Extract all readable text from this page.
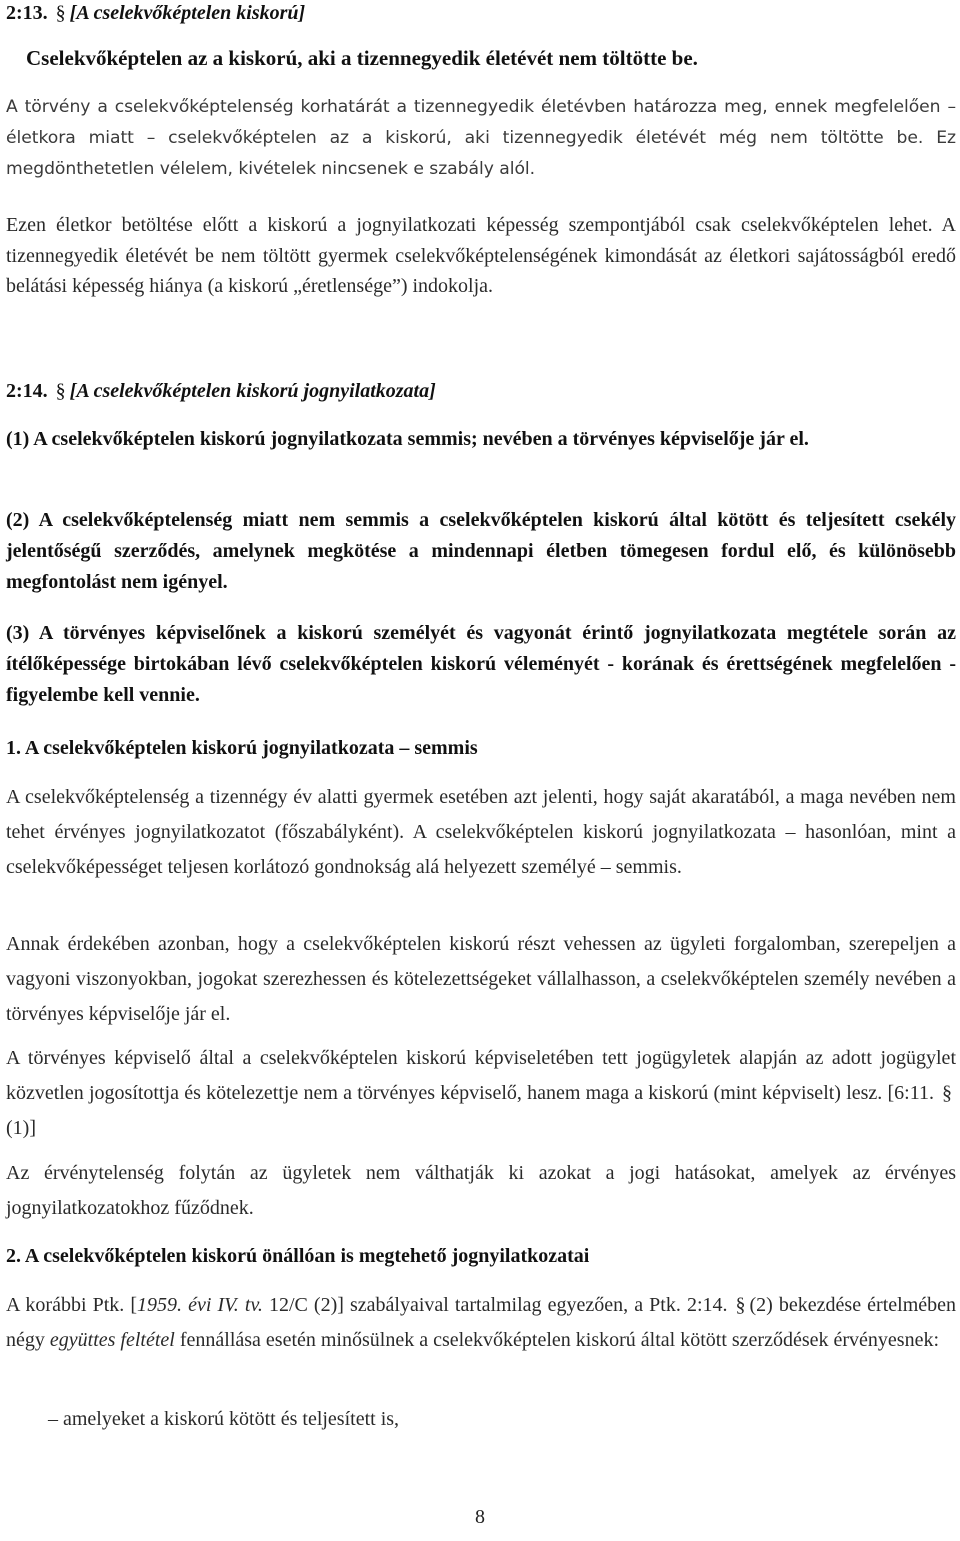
2:13. § [A cselekvőképtelen kiskorú]

Cselekvőképtelen az a kiskorú, aki a tizennegyedik életévét nem töltötte be.

A törvény a cselekvőképtelenség korhatárát a tizennegyedik életévben határozza meg, ennek megfelelően – életkora miatt – cselekvőképtelen az a kiskorú, aki tizennegyedik életévét még nem töltötte be. Ez megdönthetetlen vélelem, kivételek nincsenek e szabály alól.

Ezen életkor betöltése előtt a kiskorú a jognyilatkozati képesség szempontjából csak cselekvőképtelen lehet. A tizennegyedik életévét be nem töltött gyermek cselekvőképtelenségének kimondását az életkori sajátosságból eredő belátási képesség hiánya (a kiskorú „éretlensége”) indokolja.

2:14. § [A cselekvőképtelen kiskorú jognyilatkozata]

(1) A cselekvőképtelen kiskorú jognyilatkozata semmis; nevében a törvényes képviselője jár el.

(2) A cselekvőképtelenség miatt nem semmis a cselekvőképtelen kiskorú által kötött és teljesített csekély jelentőségű szerződés, amelynek megkötése a mindennapi életben tömegesen fordul elő, és különösebb megfontolást nem igényel.

(3) A törvényes képviselőnek a kiskorú személyét és vagyonát érintő jognyilatkozata megtétele során az ítélőképessége birtokában lévő cselekvőképtelen kiskorú véleményét - korának és érettségének megfelelően - figyelembe kell vennie.

1. A cselekvőképtelen kiskorú jognyilatkozata – semmis

A cselekvőképtelenség a tizennégy év alatti gyermek esetében azt jelenti, hogy saját akaratából, a maga nevében nem tehet érvényes jognyilatkozatot (főszabályként). A cselekvőképtelen kiskorú jognyilatkozata – hasonlóan, mint a cselekvőképességet teljesen korlátozó gondnokság alá helyezett személyé – semmis.

Annak érdekében azonban, hogy a cselekvőképtelen kiskorú részt vehessen az ügyleti forgalomban, szerepeljen a vagyoni viszonyokban, jogokat szerezhessen és kötelezettségeket vállalhasson, a cselekvőképtelen személy nevében a törvényes képviselője jár el.

A törvényes képviselő által a cselekvőképtelen kiskorú képviseletében tett jogügyletek alapján az adott jogügylet közvetlen jogosítottja és kötelezettje nem a törvényes képviselő, hanem maga a kiskorú (mint képviselt) lesz. [6:11. §(1)]

Az érvénytelenség folytán az ügyletek nem válthatják ki azokat a jogi hatásokat, amelyek az érvényes jognyilatkozatokhoz fűződnek.

2. A cselekvőképtelen kiskorú önállóan is megtehető jognyilatkozatai

A korábbi Ptk. [1959. évi IV. tv. 12/C (2)] szabályaival tartalmilag egyezően, a Ptk. 2:14. § (2) bekezdése értelmében négy együttes feltétel fennállása esetén minősülnek a cselekvőképtelen kiskorú által kötött szerződések érvényesnek:

– amelyeket a kiskorú kötött és teljesített is,
8
